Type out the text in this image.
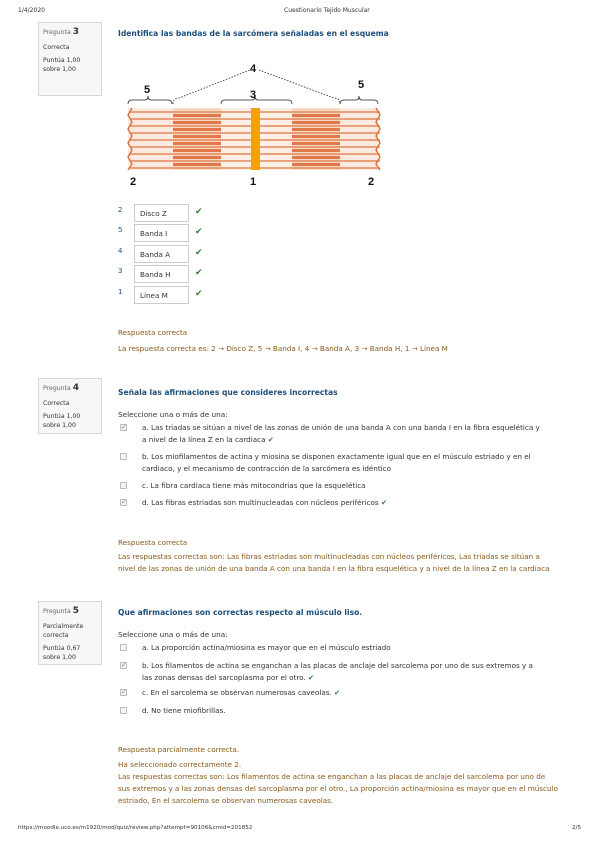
1/4/2020	Cuestionario Tejido Muscular
https://moodle.uco.es/m1920/mod/quiz/review.php?attempt=90106&cmid=201852	2/5
Pregunta 3
Correcta
Puntúa 1,00
sobre 1,00
Identifica las bandas de la sarcómera señaladas en el esquema
4
3
5	5
2	1	2
2	Disco Z	✔
5	Banda I	✔
4	Banda A	✔
3	Banda H	✔
1	Línea M	✔
Respuesta correcta
La respuesta correcta es: 2 → Disco Z, 5 → Banda I, 4 → Banda A, 3 → Banda H, 1 → Línea M
Pregunta 4
Correcta
Puntúa 1,00
sobre 1,00
Señala las afirmaciones que consideres incorrectas
Seleccione una o más de una:
✓
a. Las triadas se sitúan a nivel de las zonas de unión de una banda A con una banda I en la fibra esquelética y a nivel de la línea Z en la cardiaca ✔
b. Los miofilamentos de actina y miosina se disponen exactamente igual que en el músculo estriado y en el cardiaco, y el mecanismo de contracción de la sarcómera es idéntico
c. La fibra cardiaca tiene más mitocondrias que la esquelética
✓
d. Las fibras estriadas son multinucleadas con núcleos periféricos ✔
Respuesta correcta
Las respuestas correctas son: Las fibras estriadas son multinucleadas con núcleos periféricos, Las triadas se sitúan a nivel de las zonas de unión de una banda A con una banda I en la fibra esquelética y a nivel de la línea Z en la cardiaca
Pregunta 5
Parcialmente correcta
Puntúa 0,67
sobre 1,00
Que afirmaciones son correctas respecto al músculo liso.
Seleccione una o más de una:
a. La proporción actina/miosina es mayor que en el músculo estriado
✓
b. Los filamentos de actina se enganchan a las placas de anclaje del sarcolema por uno de sus extremos y a las zonas densas del sarcoplasma por el otro. ✔
✓
c. En el sarcolema se observan numerosas caveolas. ✔
d. No tiene miofibrillas.
Respuesta parcialmente correcta.
Ha seleccionado correctamente 2.
Las respuestas correctas son: Los filamentos de actina se enganchan a las placas de anclaje del sarcolema por uno de sus extremos y a las zonas densas del sarcoplasma por el otro., La proporción actina/miosina es mayor que en el músculo estriado, En el sarcolema se observan numerosas caveolas.
